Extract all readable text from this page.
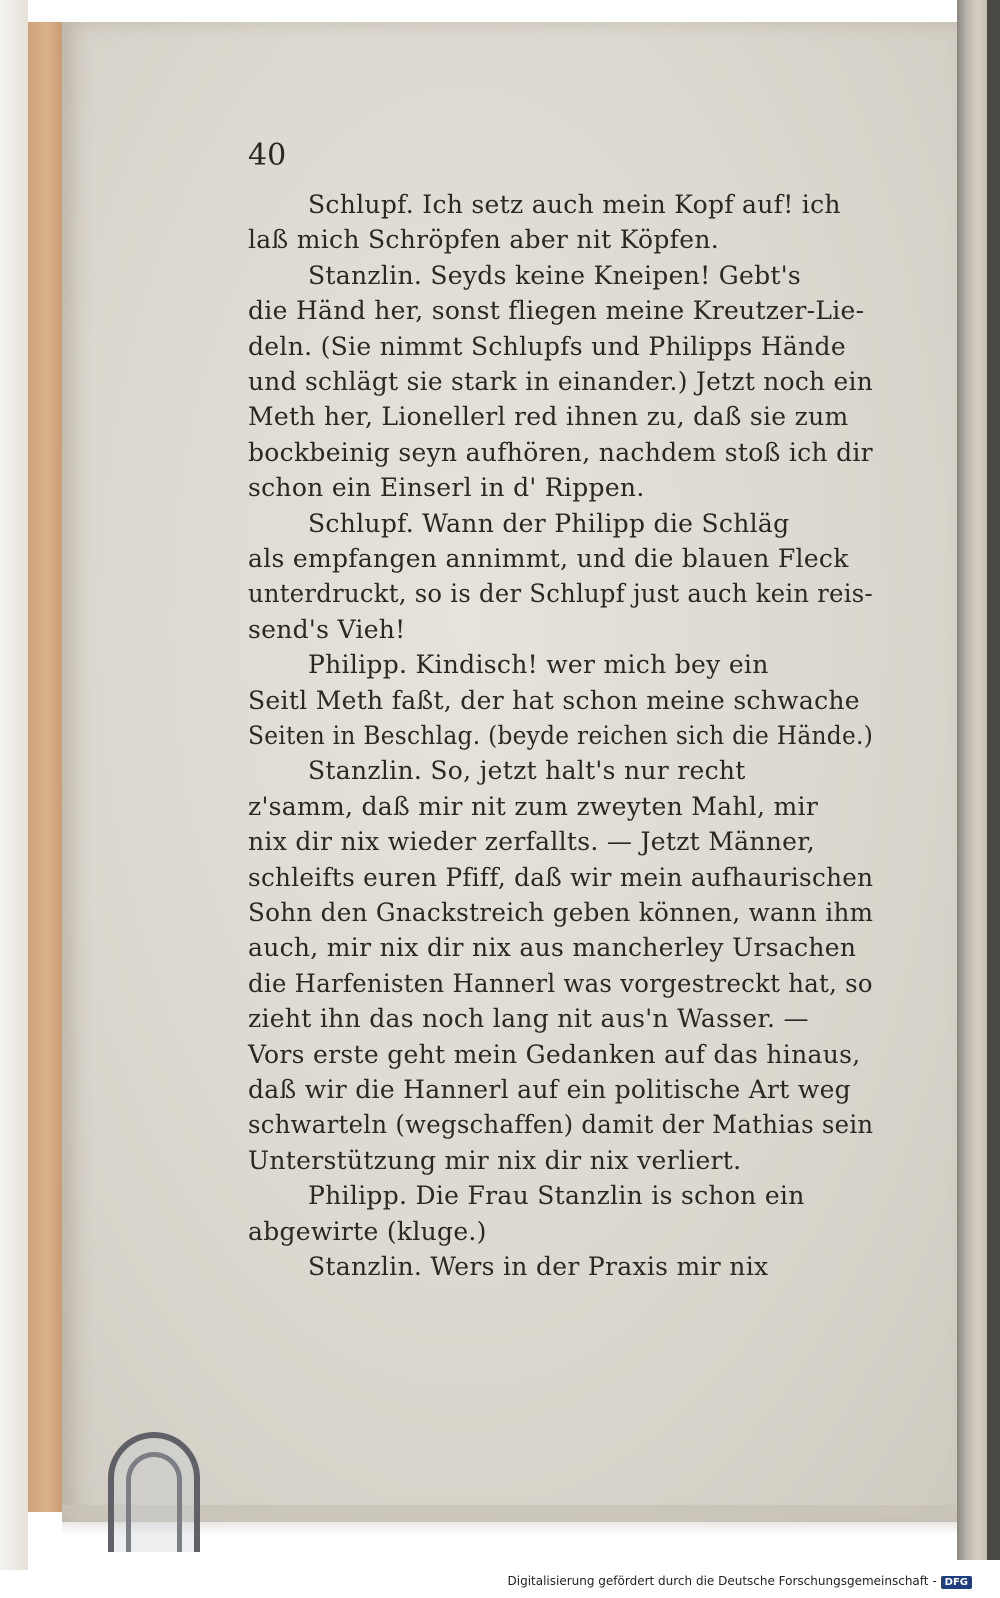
40
Schlupf. Ich setz auch mein Kopf auf! ich
laß mich Schröpfen aber nit Köpfen.
Stanzlin. Seyds keine Kneipen! Gebt's
die Händ her, sonst fliegen meine Kreutzer-Lie-
deln. (Sie nimmt Schlupfs und Philipps Hände
und schlägt sie stark in einander.) Jetzt noch ein
Meth her, Lionellerl red ihnen zu, daß sie zum
bockbeinig seyn aufhören, nachdem stoß ich dir
schon ein Einserl in d' Rippen.
Schlupf. Wann der Philipp die Schläg
als empfangen annimmt, und die blauen Fleck
unterdruckt, so is der Schlupf just auch kein reis-
send's Vieh!
Philipp. Kindisch! wer mich bey ein
Seitl Meth faßt, der hat schon meine schwache
Seiten in Beschlag. (beyde reichen sich die Hände.)
Stanzlin. So, jetzt halt's nur recht
z'samm, daß mir nit zum zweyten Mahl, mir
nix dir nix wieder zerfallts. — Jetzt Männer,
schleifts euren Pfiff, daß wir mein aufhaurischen
Sohn den Gnackstreich geben können, wann ihm
auch, mir nix dir nix aus mancherley Ursachen
die Harfenisten Hannerl was vorgestreckt hat, so
zieht ihn das noch lang nit aus'n Wasser. —
Vors erste geht mein Gedanken auf das hinaus,
daß wir die Hannerl auf ein politische Art weg
schwarteln (wegschaffen) damit der Mathias sein
Unterstützung mir nix dir nix verliert.
Philipp. Die Frau Stanzlin is schon ein
abgewirte (kluge.)
Stanzlin. Wers in der Praxis mir nix
Digitalisierung gefördert durch die Deutsche Forschungsgemeinschaft - DFG
